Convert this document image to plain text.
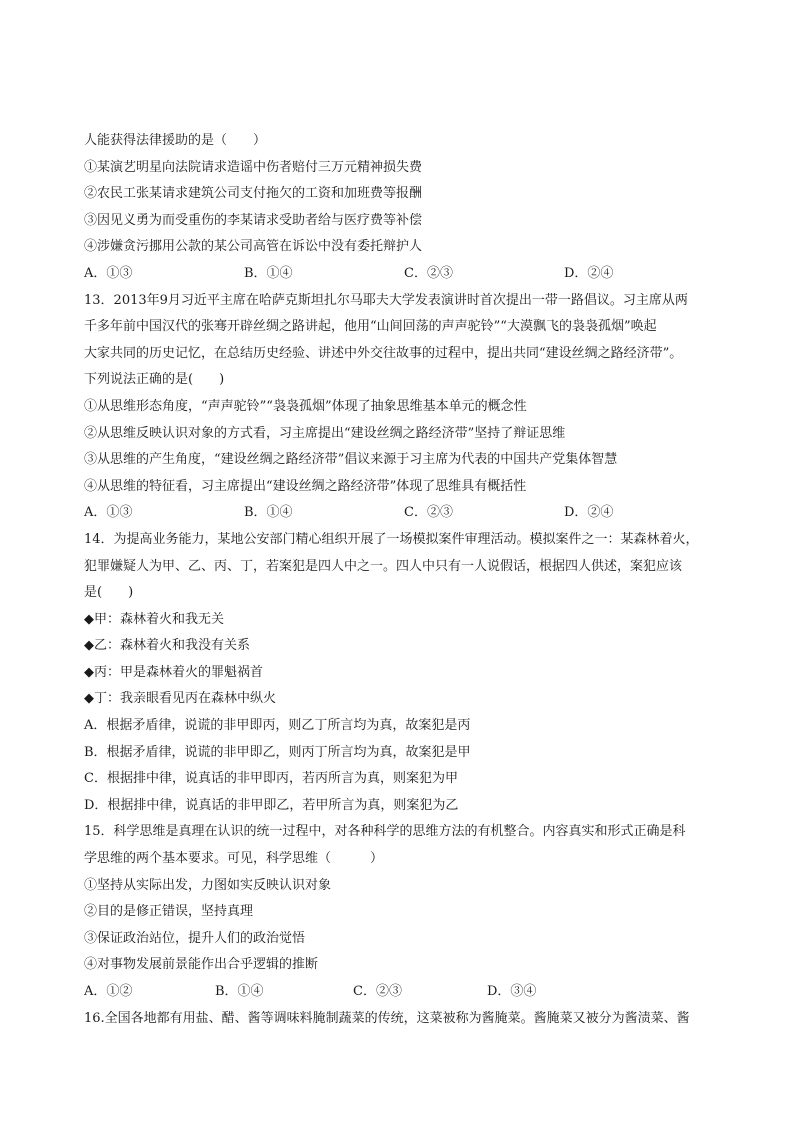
人能获得法律援助的是（　　）
①某演艺明星向法院请求造谣中伤者赔付三万元精神损失费
②农民工张某请求建筑公司支付拖欠的工资和加班费等报酬
③因见义勇为而受重伤的李某请求受助者给与医疗费等补偿
④涉嫌贪污挪用公款的某公司高管在诉讼中没有委托辩护人
A．①③	B．①④	C．②③	D．②④
13．2013年9月习近平主席在哈萨克斯坦扎尔马耶夫大学发表演讲时首次提出一带一路倡议。习主席从两
千多年前中国汉代的张骞开辟丝绸之路讲起，他用“山间回荡的声声驼铃”“大漠飘飞的袅袅孤烟”唤起
大家共同的历史记忆，在总结历史经验、讲述中外交往故事的过程中，提出共同“建设丝绸之路经济带”。
下列说法正确的是(　　)
①从思维形态角度，“声声驼铃”“袅袅孤烟”体现了抽象思维基本单元的概念性
②从思维反映认识对象的方式看，习主席提出“建设丝绸之路经济带”坚持了辩证思维
③从思维的产生角度，“建设丝绸之路经济带”倡议来源于习主席为代表的中国共产党集体智慧
④从思维的特征看，习主席提出“建设丝绸之路经济带”体现了思维具有概括性
A．①③	B．①④	C．②③	D．②④
14．为提高业务能力，某地公安部门精心组织开展了一场模拟案件审理活动。模拟案件之一：某森林着火，
犯罪嫌疑人为甲、乙、丙、丁，若案犯是四人中之一。四人中只有一人说假话，根据四人供述，案犯应该
是(　　)
◆甲：森林着火和我无关
◆乙：森林着火和我没有关系
◆丙：甲是森林着火的罪魁祸首
◆丁：我亲眼看见丙在森林中纵火
A．根据矛盾律，说谎的非甲即丙，则乙丁所言均为真，故案犯是丙
B．根据矛盾律，说谎的非甲即乙，则丙丁所言均为真，故案犯是甲
C．根据排中律，说真话的非甲即丙，若丙所言为真，则案犯为甲
D．根据排中律，说真话的非甲即乙，若甲所言为真，则案犯为乙
15．科学思维是真理在认识的统一过程中，对各种科学的思维方法的有机整合。内容真实和形式正确是科
学思维的两个基本要求。可见，科学思维（　　　）
①坚持从实际出发，力图如实反映认识对象
②目的是修正错误，坚持真理
③保证政治站位，提升人们的政治觉悟
④对事物发展前景能作出合乎逻辑的推断
A．①②	B．①④	C．②③	D．③④
16.全国各地都有用盐、醋、酱等调味料腌制蔬菜的传统，这菜被称为酱腌菜。酱腌菜又被分为酱渍菜、酱
